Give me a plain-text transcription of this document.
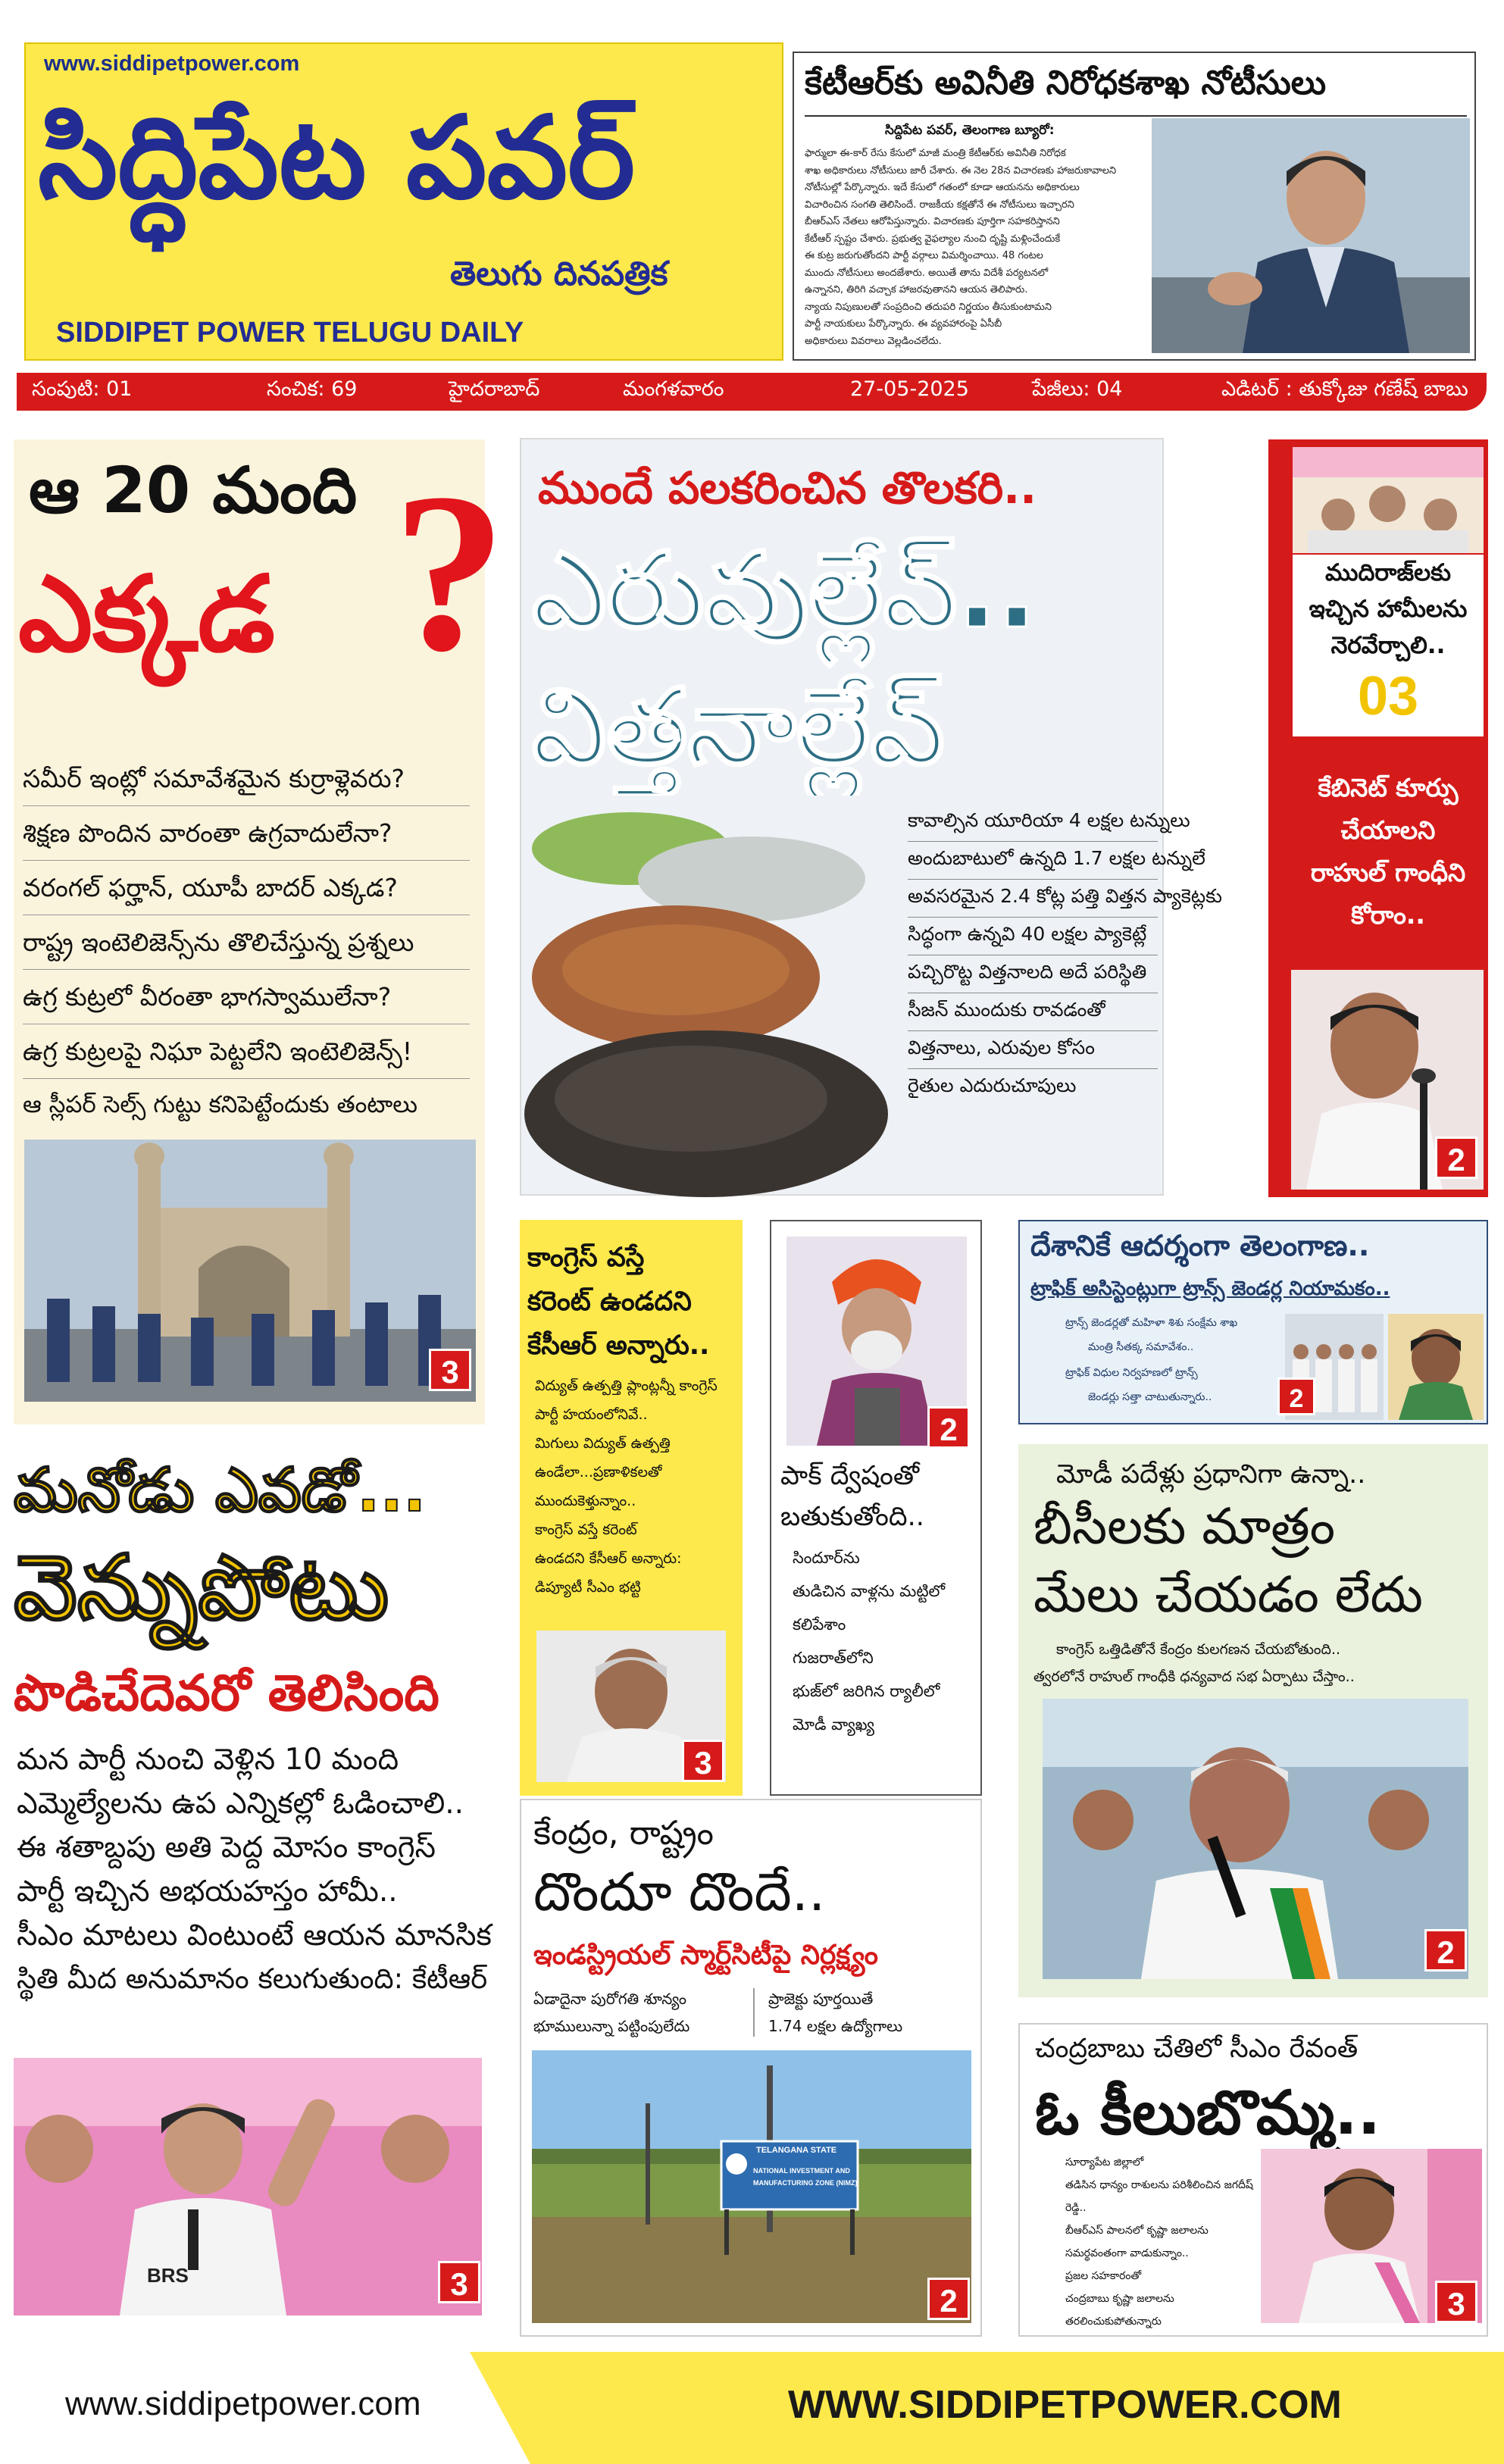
www.siddipetpower.com
సిద్ధిపేట పవర్
తెలుగు దినపత్రిక
SIDDIPET POWER TELUGU DAILY
కేటీఆర్‌కు అవినీతి నిరోధకశాఖ నోటీసులు
సిద్దిపేట పవర్‌, తెలంగాణ బ్యూరో:
ఫార్ములా ఈ-కార్‌ రేసు కేసులో మాజీ మంత్రి కేటీఆర్‌కు అవినీతి నిరోధక
శాఖ అధికారులు నోటీసులు జారీ చేశారు. ఈ నెల 28న విచారణకు హాజరుకావాలని
నోటీసుల్లో పేర్కొన్నారు. ఇదే కేసులో గతంలో కూడా ఆయనను అధికారులు
విచారించిన సంగతి తెలిసిందే. రాజకీయ కక్షతోనే ఈ నోటీసులు ఇచ్చారని
బీఆర్‌ఎస్‌ నేతలు ఆరోపిస్తున్నారు. విచారణకు పూర్తిగా సహకరిస్తానని
కేటీఆర్‌ స్పష్టం చేశారు. ప్రభుత్వ వైఫల్యాల నుంచి దృష్టి మళ్లించేందుకే
ఈ కుట్ర జరుగుతోందని పార్టీ వర్గాలు విమర్శించాయి. 48 గంటల
ముందు నోటీసులు అందజేశారు. అయితే తాను విదేశీ పర్యటనలో
ఉన్నానని, తిరిగి వచ్చాక హాజరవుతానని ఆయన తెలిపారు.
న్యాయ నిపుణులతో సంప్రదించి తదుపరి నిర్ణయం తీసుకుంటామని
పార్టీ నాయకులు పేర్కొన్నారు. ఈ వ్యవహారంపై ఏసీబీ
అధికారులు వివరాలు వెల్లడించలేదు.
సంపుటి: 01	సంచిక: 69	హైదరాబాద్‌	మంగళవారం	27-05-2025	పేజీలు: 04	ఎడిటర్‌ : తుక్కోజు గణేష్‌ బాబు
ఆ 20 మంది
ఎక్కడ ?
సమీర్‌ ఇంట్లో సమావేశమైన కుర్రాళ్లెవరు?
శిక్షణ పొందిన వారంతా ఉగ్రవాదులేనా?
వరంగల్‌ ఫర్హాన్‌, యూపీ బాదర్‌ ఎక్కడ?
రాష్ట్ర ఇంటెలిజెన్స్‌ను తొలిచేస్తున్న ప్రశ్నలు
ఉగ్ర కుట్రలో వీరంతా భాగస్వాములేనా?
ఉగ్ర కుట్రలపై నిఘా పెట్టలేని ఇంటెలిజెన్స్‌!
ఆ స్లీపర్‌ సెల్స్‌ గుట్టు కనిపెట్టేందుకు తంటాలు
3
మనోడు ఎవడో...
వెన్నుపోటు
పొడిచేదెవరో తెలిసింది
మన పార్టీ నుంచి వెళ్లిన 10 మంది
ఎమ్మెల్యేలను ఉప ఎన్నికల్లో ఓడించాలి..
ఈ శతాబ్దపు అతి పెద్ద మోసం కాంగ్రెస్‌
పార్టీ ఇచ్చిన అభయహస్తం హామీ..
సీఎం మాటలు వింటుంటే ఆయన మానసిక
స్థితి మీద అనుమానం కలుగుతుంది: కేటీఆర్‌
BRS	3
ముందే పలకరించిన తొలకరి..
ఎరువుల్లేవ్‌..
విత్తనాల్లేవ్‌
కావాల్సిన యూరియా 4 లక్షల టన్నులు
అందుబాటులో ఉన్నది 1.7 లక్షల టన్నులే
అవసరమైన 2.4 కోట్ల పత్తి విత్తన ప్యాకెట్లకు
సిద్ధంగా ఉన్నవి 40 లక్షల ప్యాకెట్లే
పచ్చిరొట్ట విత్తనాలది అదే పరిస్థితి
సీజన్‌ ముందుకు రావడంతో
విత్తనాలు, ఎరువుల కోసం
రైతుల ఎదురుచూపులు
ముదిరాజ్‌లకు
ఇచ్చిన హామీలను
నెరవేర్చాలి..
03
కేబినెట్‌ కూర్పు
చేయాలని
రాహుల్‌ గాంధీని
కోరాం..
2
కాంగ్రెస్‌ వస్తే
కరెంట్‌ ఉండదని
కేసీఆర్‌ అన్నారు..
విద్యుత్‌ ఉత్పత్తి ప్లాంట్లన్నీ కాంగ్రెస్‌
పార్టీ హయంలోనివే..
మిగులు విద్యుత్‌ ఉత్పత్తి
ఉండేలా...ప్రణాళికలతో
ముందుకెళ్తున్నాం..
కాంగ్రెస్‌ వస్తే కరెంట్‌
ఉండదని కేసీఆర్‌ అన్నారు:
డిప్యూటీ సీఎం భట్టి
3
2
పాక్‌ ద్వేషంతో
బతుకుతోంది..
సిందూర్‌ను
తుడిచిన వాళ్లను మట్టిలో
కలిపేశాం
గుజరాత్‌లోని
భుజ్‌లో జరిగిన ర్యాలీలో
మోడీ వ్యాఖ్య
దేశానికే ఆదర్శంగా తెలంగాణ..
ట్రాఫిక్‌ అసిస్టెంట్లుగా ట్రాన్స్‌ జెండర్ల నియామకం..
ట్రాన్స్‌ జెండర్లతో మహిళా శిశు సంక్షేమ శాఖ
మంత్రి సీతక్క సమావేశం..
ట్రాఫిక్‌ విధుల నిర్వహణలో ట్రాన్స్‌
జెండర్లు సత్తా చాటుతున్నారు..	2
మోడీ పదేళ్లు ప్రధానిగా ఉన్నా..
బీసీలకు మాత్రం
మేలు చేయడం లేదు
కాంగ్రెస్‌ ఒత్తిడితోనే కేంద్రం కులగణన చేయబోతుంది..
త్వరలోనే రాహుల్‌ గాంధీకి ధన్యవాద సభ ఏర్పాటు చేస్తాం..
2
కేంద్రం, రాష్ట్రం
దొందూ దొందే..
ఇండస్ట్రియల్‌ స్మార్ట్‌సిటీపై నిర్లక్ష్యం
ఏడాదైనా పురోగతి శూన్యం
భూములున్నా పట్టింపులేదు
ప్రాజెక్టు పూర్తయితే
1.74 లక్షల ఉద్యోగాలు
TELANGANA STATE
NATIONAL INVESTMENT AND
MANUFACTURING ZONE (NIMZ)
2
చంద్రబాబు చేతిలో సీఎం రేవంత్‌
ఓ కీలుబొమ్మ..
సూర్యాపేట జిల్లాలో
తడిసిన ధాన్యం రాశులను పరిశీలించిన జగదీష్‌
రెడ్డి..
బీఆర్‌ఎస్‌ పాలనలో కృష్ణా జలాలను
సమర్థవంతంగా వాడుకున్నాం..
ప్రజల సహకారంతో
చంద్రబాబు కృష్ణా జలాలను
తరలించుకుపోతున్నారు	3
www.siddipetpower.com	WWW.SIDDIPETPOWER.COM
